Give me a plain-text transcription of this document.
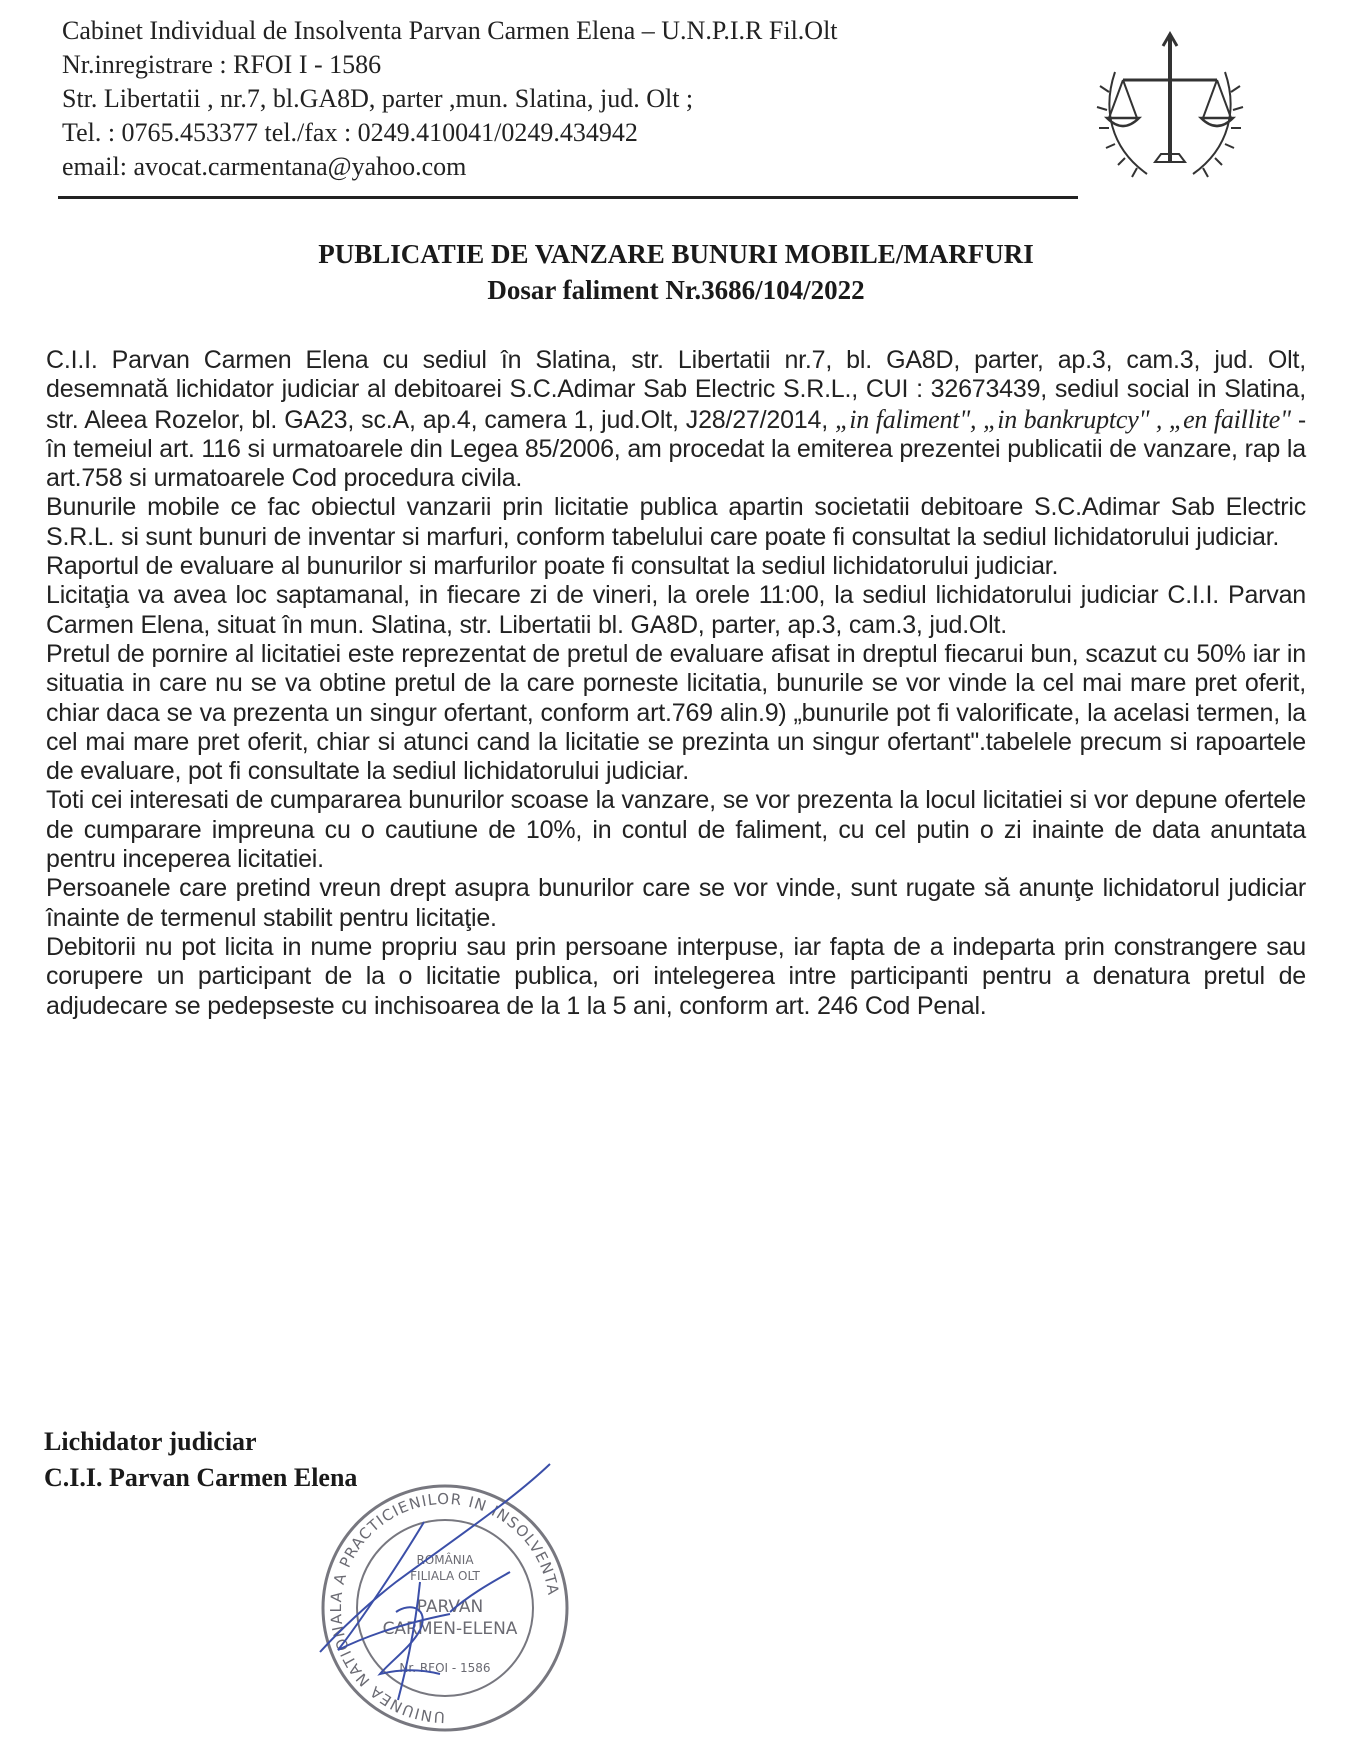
Cabinet Individual de Insolventa Parvan Carmen Elena – U.N.P.I.R Fil.Olt
Nr.inregistrare : RFOI I - 1586
Str. Libertatii , nr.7, bl.GA8D, parter ,mun. Slatina, jud. Olt ;
Tel. : 0765.453377 tel./fax : 0249.410041/0249.434942
email: avocat.carmentana@yahoo.com
PUBLICATIE DE VANZARE BUNURI MOBILE/MARFURI
Dosar faliment Nr.3686/104/2022

C.I.I. Parvan Carmen Elena cu sediul în Slatina, str. Libertatii nr.7, bl. GA8D, parter, ap.3, cam.3, jud. Olt, desemnată lichidator judiciar al debitoarei S.C.Adimar Sab Electric S.R.L., CUI : 32673439, sediul social in Slatina, str. Aleea Rozelor, bl. GA23, sc.A, ap.4, camera 1, jud.Olt, J28/27/2014, „in faliment", „in bankruptcy" , „en faillite" - în temeiul art. 116 si urmatoarele din Legea 85/2006, am procedat la emiterea prezentei publicatii de vanzare, rap la art.758 si urmatoarele Cod procedura civila.

Bunurile mobile ce fac obiectul vanzarii prin licitatie publica apartin societatii debitoare S.C.Adimar Sab Electric S.R.L. si sunt bunuri de inventar si marfuri, conform tabelului care poate fi consultat la sediul lichidatorului judiciar.

Raportul de evaluare al bunurilor si marfurilor poate fi consultat la sediul lichidatorului judiciar.

Licitaţia va avea loc saptamanal, in fiecare zi de vineri, la orele 11:00, la sediul lichidatorului judiciar C.I.I. Parvan Carmen Elena, situat în mun. Slatina, str. Libertatii bl. GA8D, parter, ap.3, cam.3, jud.Olt.

Pretul de pornire al licitatiei este reprezentat de pretul de evaluare afisat in dreptul fiecarui bun, scazut cu 50% iar in situatia in care nu se va obtine pretul de la care porneste licitatia, bunurile se vor vinde la cel mai mare pret oferit, chiar daca se va prezenta un singur ofertant, conform art.769 alin.9) „bunurile pot fi valorificate, la acelasi termen, la cel mai mare pret oferit, chiar si atunci cand la licitatie se prezinta un singur ofertant".tabelele precum si rapoartele de evaluare, pot fi consultate la sediul lichidatorului judiciar.

Toti cei interesati de cumpararea bunurilor scoase la vanzare, se vor prezenta la locul licitatiei si vor depune ofertele de cumparare impreuna cu o cautiune de 10%, in contul de faliment, cu cel putin o zi inainte de data anuntata pentru inceperea licitatiei.

Persoanele care pretind vreun drept asupra bunurilor care se vor vinde, sunt rugate să anunţe lichidatorul judiciar înainte de termenul stabilit pentru licitaţie.

Debitorii nu pot licita in nume propriu sau prin persoane interpuse, iar fapta de a indeparta prin constrangere sau corupere un participant de la o licitatie publica, ori intelegerea intre participanti pentru a denatura pretul de adjudecare se pedepseste cu inchisoarea de la 1 la 5 ani, conform art. 246 Cod Penal.

Lichidator judiciar
C.I.I. Parvan Carmen Elena
UNIUNEA NATIONALA A PRACTICIENILOR IN INSOLVENTA
ROMÂNIA
FILIALA OLT
PARVAN
CARMEN-ELENA
Nr. RFOI - 1586
